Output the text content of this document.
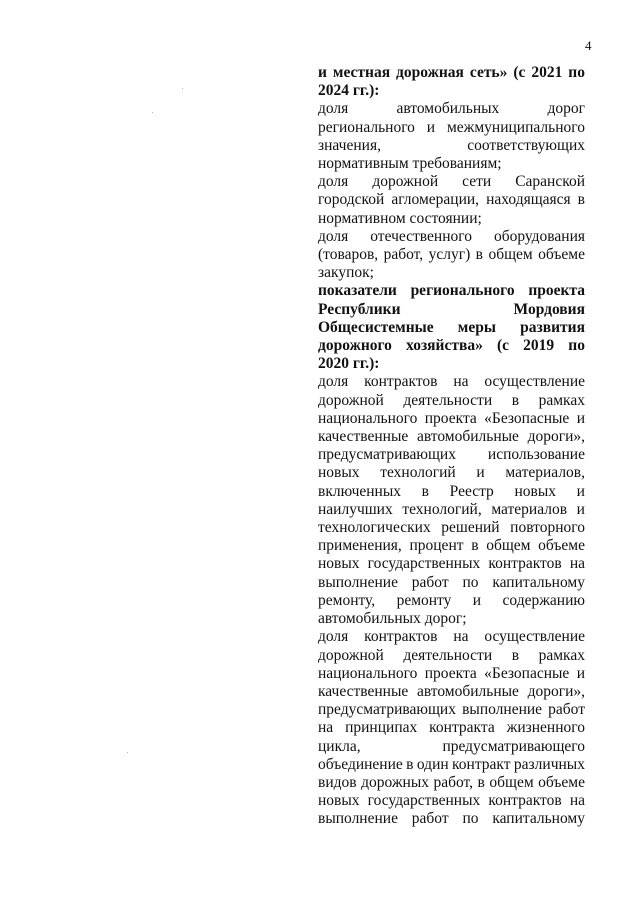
4
и местная дорожная сеть» (с 2021 по
2024 гг.):
доля	автомобильных	дорог
регионального и межмуниципального
значения,	соответствующих
нормативным требованиям;
доля дорожной сети Саранской
городской агломерации, находящаяся в
нормативном состоянии;
доля отечественного оборудования
(товаров, работ, услуг) в общем объеме
закупок;
показатели регионального проекта
Республики	Мордовия
Общесистемные меры развития
дорожного хозяйства» (с 2019 по
2020 гг.):
доля контрактов на осуществление
дорожной деятельности в рамках
национального проекта «Безопасные и
качественные автомобильные дороги»,
предусматривающих использование
новых технологий и материалов,
включенных в Реестр новых и
наилучших технологий, материалов и
технологических решений повторного
применения, процент в общем объеме
новых государственных контрактов на
выполнение работ по капитальному
ремонту, ремонту и содержанию
автомобильных дорог;
доля контрактов на осуществление
дорожной деятельности в рамках
национального проекта «Безопасные и
качественные автомобильные дороги»,
предусматривающих выполнение работ
на принципах контракта жизненного
цикла,	предусматривающего
объединение в один контракт различных
видов дорожных работ, в общем объеме
новых государственных контрактов на
выполнение работ по капитальному
